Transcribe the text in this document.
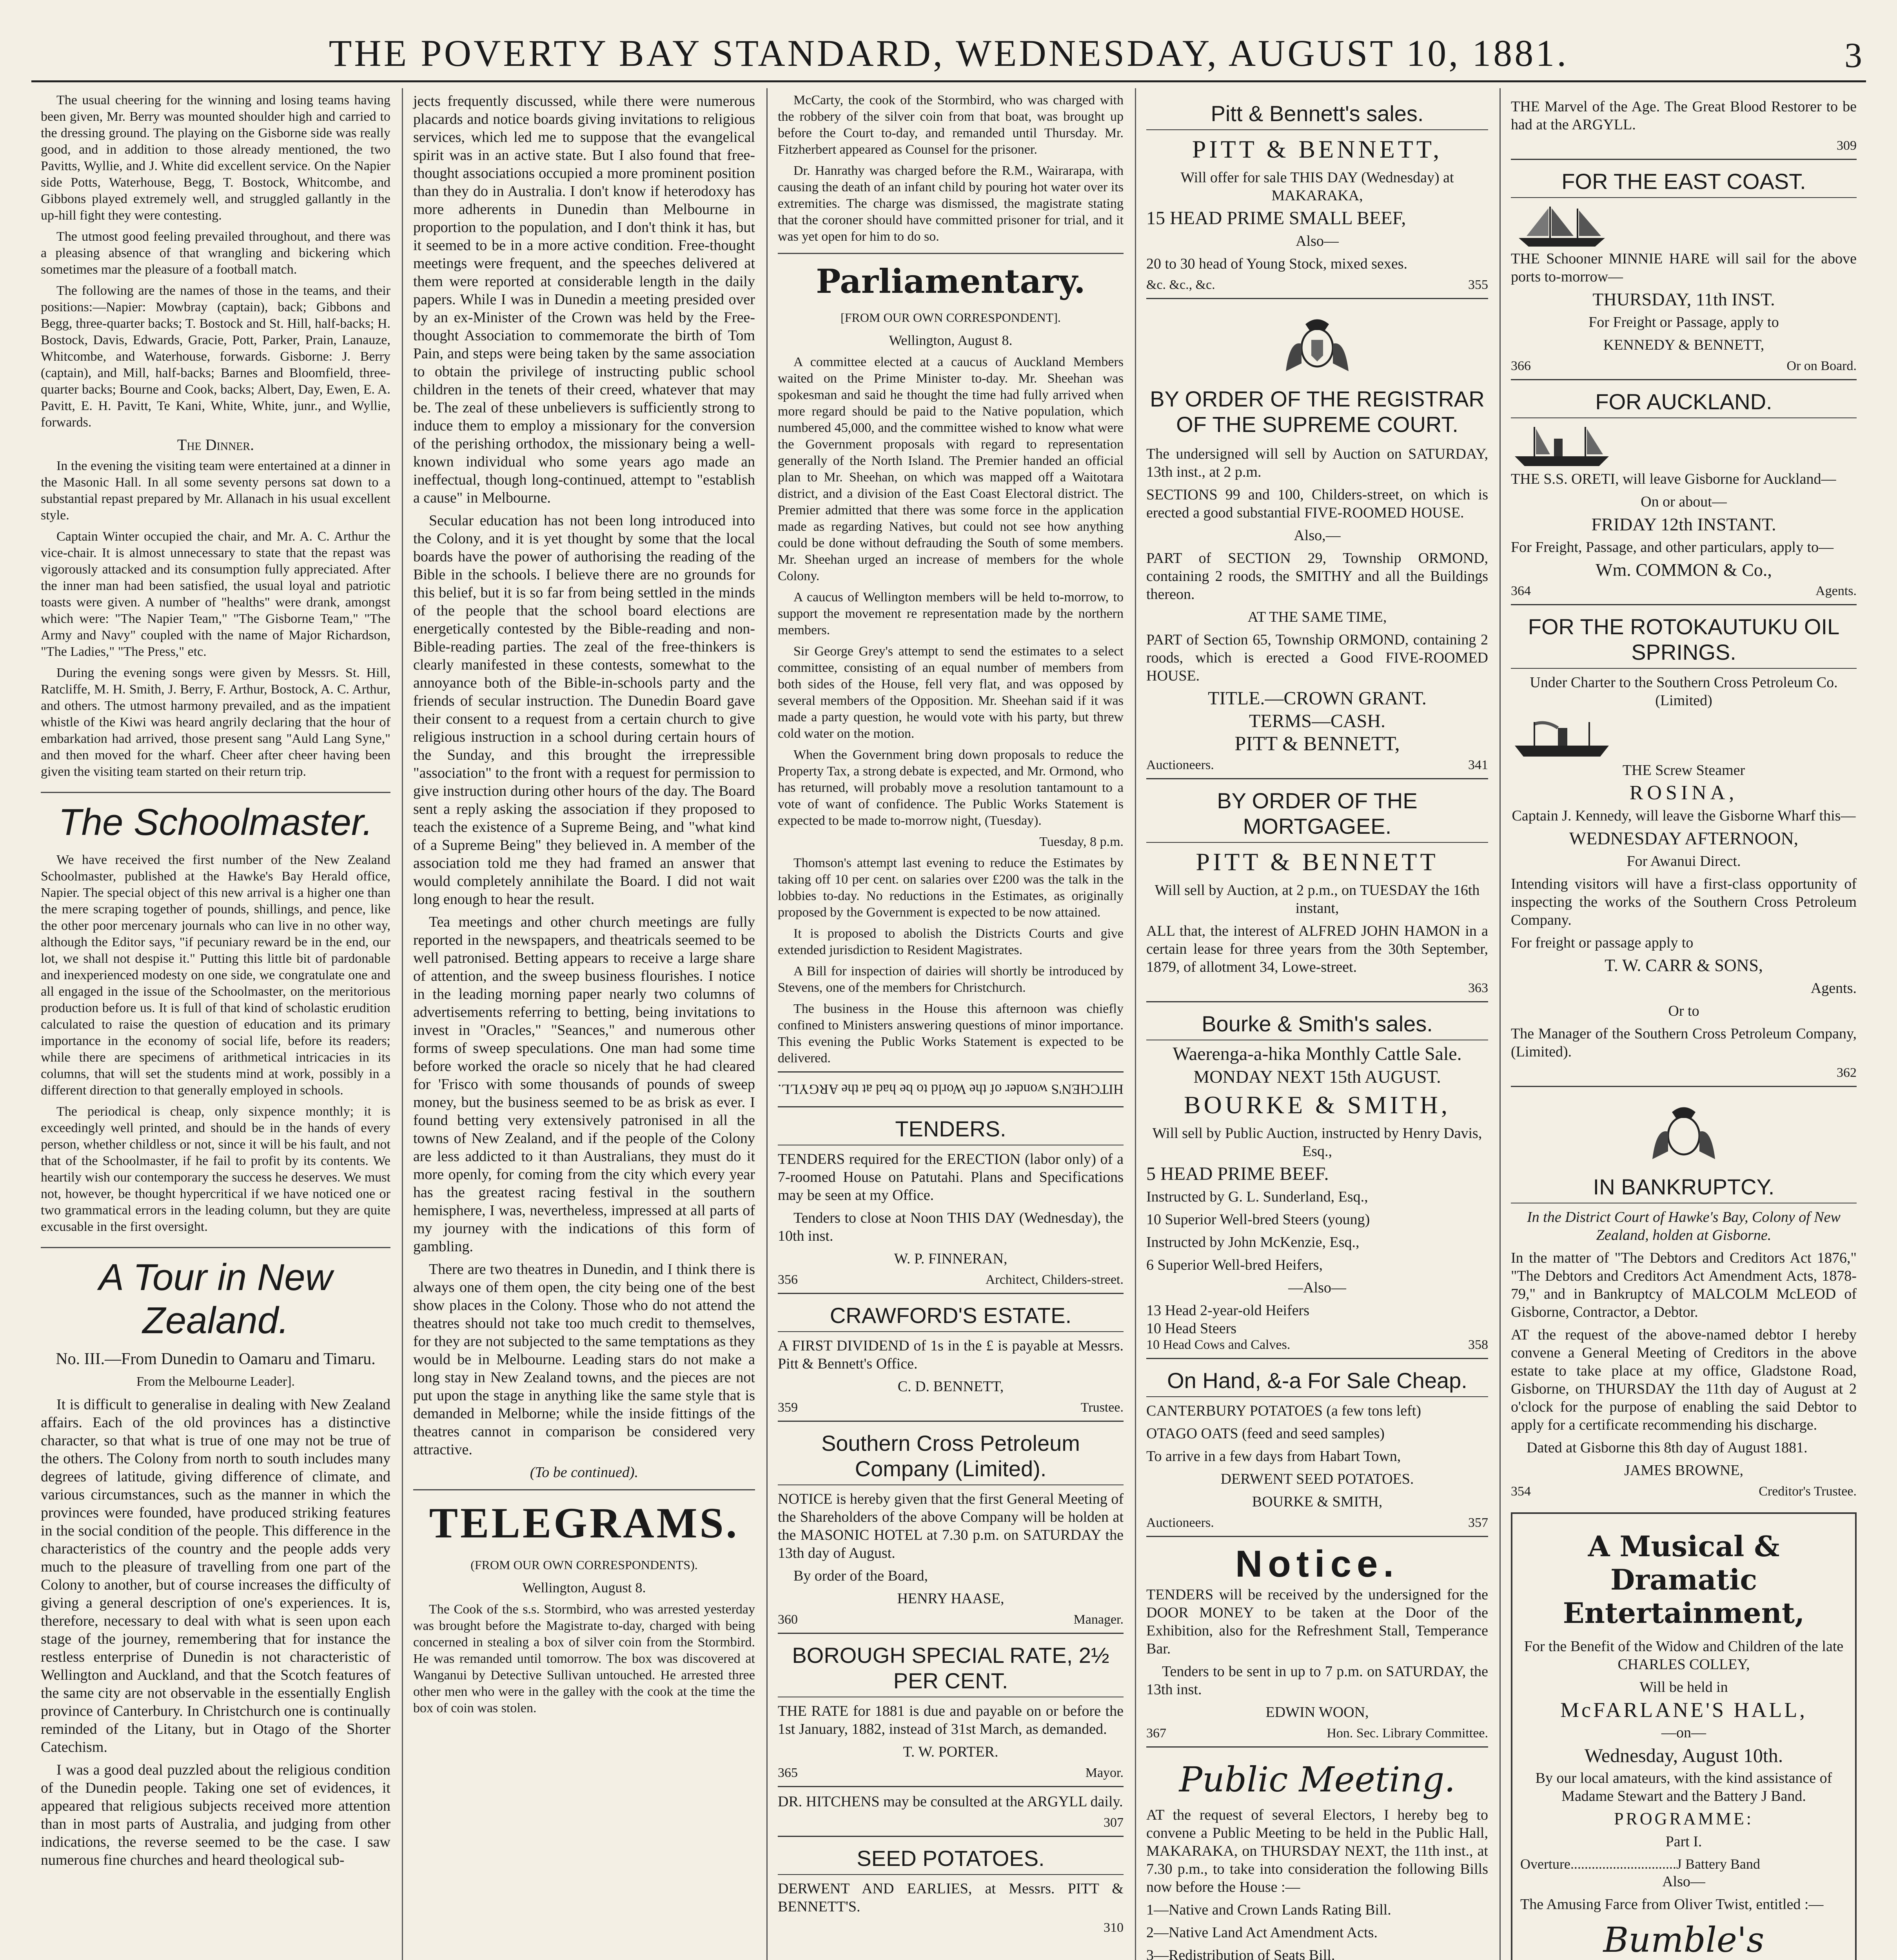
THE POVERTY BAY STANDARD, WEDNESDAY, AUGUST 10, 1881.	3

The usual cheering for the winning and losing teams having been given, Mr. Berry was mounted shoulder high and carried to the dressing ground. The playing on the Gisborne side was really good, and in addition to those already mentioned, the two Pavitts, Wyllie, and J. White did excellent service. On the Napier side Potts, Waterhouse, Begg, T. Bostock, Whitcombe, and Gibbons played extremely well, and struggled gallantly in the up-hill fight they were contesting.

The utmost good feeling prevailed throughout, and there was a pleasing absence of that wrangling and bickering which sometimes mar the pleasure of a football match.

The following are the names of those in the teams, and their positions:—Napier: Mowbray (captain), back; Gibbons and Begg, three-quarter backs; T. Bostock and St. Hill, half-backs; H. Bostock, Davis, Edwards, Gracie, Pott, Parker, Prain, Lanauze, Whitcombe, and Waterhouse, forwards. Gisborne: J. Berry (captain), and Mill, half-backs; Barnes and Bloomfield, three-quarter backs; Bourne and Cook, backs; Albert, Day, Ewen, E. A. Pavitt, E. H. Pavitt, Te Kani, White, White, junr., and Wyllie, forwards.

The Dinner.

In the evening the visiting team were entertained at a dinner in the Masonic Hall. In all some seventy persons sat down to a substantial repast prepared by Mr. Allanach in his usual excellent style.

Captain Winter occupied the chair, and Mr. A. C. Arthur the vice-chair. It is almost unnecessary to state that the repast was vigorously attacked and its consumption fully appreciated. After the inner man had been satisfied, the usual loyal and patriotic toasts were given. A number of "healths" were drank, amongst which were: "The Napier Team," "The Gisborne Team," "The Army and Navy" coupled with the name of Major Richardson, "The Ladies," "The Press," etc.

During the evening songs were given by Messrs. St. Hill, Ratcliffe, M. H. Smith, J. Berry, F. Arthur, Bostock, A. C. Arthur, and others. The utmost harmony prevailed, and as the impatient whistle of the Kiwi was heard angrily declaring that the hour of embarkation had arrived, those present sang "Auld Lang Syne," and then moved for the wharf. Cheer after cheer having been given the visiting team started on their return trip.

The Schoolmaster.

We have received the first number of the New Zealand Schoolmaster, published at the Hawke's Bay Herald office, Napier. The special object of this new arrival is a higher one than the mere scraping together of pounds, shillings, and pence, like the other poor mercenary journals who can live in no other way, although the Editor says, "if pecuniary reward be in the end, our lot, we shall not despise it." Putting this little bit of pardonable and inexperienced modesty on one side, we congratulate one and all engaged in the issue of the Schoolmaster, on the meritorious production before us. It is full of that kind of scholastic erudition calculated to raise the question of education and its primary importance in the economy of social life, before its readers; while there are specimens of arithmetical intricacies in its columns, that will set the students mind at work, possibly in a different direction to that generally employed in schools.

The periodical is cheap, only sixpence monthly; it is exceedingly well printed, and should be in the hands of every person, whether childless or not, since it will be his fault, and not that of the Schoolmaster, if he fail to profit by its contents. We heartily wish our contemporary the success he deserves. We must not, however, be thought hypercritical if we have noticed one or two grammatical errors in the leading column, but they are quite excusable in the first oversight.

A Tour in New Zealand.

No. III.—From Dunedin to Oamaru and Timaru.

From the Melbourne Leader].

It is difficult to generalise in dealing with New Zealand affairs. Each of the old provinces has a distinctive character, so that what is true of one may not be true of the others. The Colony from north to south includes many degrees of latitude, giving difference of climate, and various circumstances, such as the manner in which the provinces were founded, have produced striking features in the social condition of the people. This difference in the characteristics of the country and the people adds very much to the pleasure of travelling from one part of the Colony to another, but of course increases the difficulty of giving a general description of one's experiences. It is, therefore, necessary to deal with what is seen upon each stage of the journey, remembering that for instance the restless enterprise of Dunedin is not characteristic of Wellington and Auckland, and that the Scotch features of the same city are not observable in the essentially English province of Canterbury. In Christchurch one is continually reminded of the Litany, but in Otago of the Shorter Catechism.

I was a good deal puzzled about the religious condition of the Dunedin people. Taking one set of evidences, it appeared that religious subjects received more attention than in most parts of Australia, and judging from other indications, the reverse seemed to be the case. I saw numerous fine churches and heard theological sub-

jects frequently discussed, while there were numerous placards and notice boards giving invitations to religious services, which led me to suppose that the evangelical spirit was in an active state. But I also found that free-thought associations occupied a more prominent position than they do in Australia. I don't know if heterodoxy has more adherents in Dunedin than Melbourne in proportion to the population, and I don't think it has, but it seemed to be in a more active condition. Free-thought meetings were frequent, and the speeches delivered at them were reported at considerable length in the daily papers. While I was in Dunedin a meeting presided over by an ex-Minister of the Crown was held by the Free-thought Association to commemorate the birth of Tom Pain, and steps were being taken by the same association to obtain the privilege of instructing public school children in the tenets of their creed, whatever that may be. The zeal of these unbelievers is sufficiently strong to induce them to employ a missionary for the conversion of the perishing orthodox, the missionary being a well-known individual who some years ago made an ineffectual, though long-continued, attempt to "establish a cause" in Melbourne.

Secular education has not been long introduced into the Colony, and it is yet thought by some that the local boards have the power of authorising the reading of the Bible in the schools. I believe there are no grounds for this belief, but it is so far from being settled in the minds of the people that the school board elections are energetically contested by the Bible-reading and non-Bible-reading parties. The zeal of the free-thinkers is clearly manifested in these contests, somewhat to the annoyance both of the Bible-in-schools party and the friends of secular instruction. The Dunedin Board gave their consent to a request from a certain church to give religious instruction in a school during certain hours of the Sunday, and this brought the irrepressible "association" to the front with a request for permission to give instruction during other hours of the day. The Board sent a reply asking the association if they proposed to teach the existence of a Supreme Being, and "what kind of a Supreme Being" they believed in. A member of the association told me they had framed an answer that would completely annihilate the Board. I did not wait long enough to hear the result.

Tea meetings and other church meetings are fully reported in the newspapers, and theatricals seemed to be well patronised. Betting appears to receive a large share of attention, and the sweep business flourishes. I notice in the leading morning paper nearly two columns of advertisements referring to betting, being invitations to invest in "Oracles," "Seances," and numerous other forms of sweep speculations. One man had some time before worked the oracle so nicely that he had cleared for 'Frisco with some thousands of pounds of sweep money, but the business seemed to be as brisk as ever. I found betting very extensively patronised in all the towns of New Zealand, and if the people of the Colony are less addicted to it than Australians, they must do it more openly, for coming from the city which every year has the greatest racing festival in the southern hemisphere, I was, nevertheless, impressed at all parts of my journey with the indications of this form of gambling.

There are two theatres in Dunedin, and I think there is always one of them open, the city being one of the best show places in the Colony. Those who do not attend the theatres should not take too much credit to themselves, for they are not subjected to the same temptations as they would be in Melbourne. Leading stars do not make a long stay in New Zealand towns, and the pieces are not put upon the stage in anything like the same style that is demanded in Melborne; while the inside fittings of the theatres cannot in comparison be considered very attractive.

(To be continued).

TELEGRAMS.

(FROM OUR OWN CORRESPONDENTS).

Wellington, August 8.

The Cook of the s.s. Stormbird, who was arrested yesterday was brought before the Magistrate to-day, charged with being concerned in stealing a box of silver coin from the Stormbird. He was remanded until tomorrow. The box was discovered at Wanganui by Detective Sullivan untouched. He arrested three other men who were in the galley with the cook at the time the box of coin was stolen.

McCarty, the cook of the Stormbird, who was charged with the robbery of the silver coin from that boat, was brought up before the Court to-day, and remanded until Thursday. Mr. Fitzherbert appeared as Counsel for the prisoner.

Dr. Hanrathy was charged before the R.M., Wairarapa, with causing the death of an infant child by pouring hot water over its extremities. The charge was dismissed, the magistrate stating that the coroner should have committed prisoner for trial, and it was yet open for him to do so.

Parliamentary.

[FROM OUR OWN CORRESPONDENT].

Wellington, August 8.

A committee elected at a caucus of Auckland Members waited on the Prime Minister to-day. Mr. Sheehan was spokesman and said he thought the time had fully arrived when more regard should be paid to the Native population, which numbered 45,000, and the committee wished to know what were the Government proposals with regard to representation generally of the North Island. The Premier handed an official plan to Mr. Sheehan, on which was mapped off a Waitotara district, and a division of the East Coast Electoral district. The Premier admitted that there was some force in the application made as regarding Natives, but could not see how anything could be done without defrauding the South of some members. Mr. Sheehan urged an increase of members for the whole Colony.

A caucus of Wellington members will be held to-morrow, to support the movement re representation made by the northern members.

Sir George Grey's attempt to send the estimates to a select committee, consisting of an equal number of members from both sides of the House, fell very flat, and was opposed by several members of the Opposition. Mr. Sheehan said if it was made a party question, he would vote with his party, but threw cold water on the motion.

When the Government bring down proposals to reduce the Property Tax, a strong debate is expected, and Mr. Ormond, who has returned, will probably move a resolution tantamount to a vote of want of confidence. The Public Works Statement is expected to be made to-morrow night, (Tuesday).

Tuesday, 8 p.m.

Thomson's attempt last evening to reduce the Estimates by taking off 10 per cent. on salaries over £200 was the talk in the lobbies to-day. No reductions in the Estimates, as originally proposed by the Government is expected to be now attained.

It is proposed to abolish the Districts Courts and give extended jurisdiction to Resident Magistrates.

A Bill for inspection of dairies will shortly be introduced by Stevens, one of the members for Christchurch.

The business in the House this afternoon was chiefly confined to Ministers answering questions of minor importance. This evening the Public Works Statement is expected to be delivered.

HITCHEN'S wonder of the World to be had at the ARGYLL.
TENDERS.

TENDERS required for the ERECTION (labor only) of a 7-roomed House on Patutahi. Plans and Specifications may be seen at my Office.

Tenders to close at Noon THIS DAY (Wednesday), the 10th inst.

W. P. FINNERAN,

356	Architect, Childers-street.
CRAWFORD'S ESTATE.

A FIRST DIVIDEND of 1s in the £ is payable at Messrs. Pitt & Bennett's Office.

C. D. BENNETT,

359	Trustee.
Southern Cross Petroleum Company (Limited).

NOTICE is hereby given that the first General Meeting of the Shareholders of the above Company will be holden at the MASONIC HOTEL at 7.30 p.m. on SATURDAY the 13th day of August.

By order of the Board,

HENRY HAASE,

360	Manager.
BOROUGH SPECIAL RATE, 2½ PER CENT.

THE RATE for 1881 is due and payable on or before the 1st January, 1882, instead of 31st March, as demanded.

T. W. PORTER.

365	Mayor.

DR. HITCHENS may be consulted at the ARGYLL daily.

307
SEED POTATOES.

DERWENT AND EARLIES, at Messrs. PITT & BENNETT'S.

310
Pitt & Bennett's sales.
PITT & BENNETT,

Will offer for sale THIS DAY (Wednesday) at MAKARAKA,

15 HEAD PRIME SMALL BEEF,

Also—

20 to 30 head of Young Stock, mixed sexes.

&c. &c., &c.	355
BY ORDER OF THE REGISTRAR OF THE SUPREME COURT.

The undersigned will sell by Auction on SATURDAY, 13th inst., at 2 p.m.

SECTIONS 99 and 100, Childers-street, on which is erected a good substantial FIVE-ROOMED HOUSE.

Also,—

PART of SECTION 29, Township ORMOND, containing 2 roods, the SMITHY and all the Buildings thereon.

AT THE SAME TIME,

PART of Section 65, Township ORMOND, containing 2 roods, which is erected a Good FIVE-ROOMED HOUSE.

TITLE.—CROWN GRANT.

TERMS—CASH.

PITT & BENNETT,

Auctioneers.	341
BY ORDER OF THE MORTGAGEE.
PITT & BENNETT

Will sell by Auction, at 2 p.m., on TUESDAY the 16th instant,

ALL that, the interest of ALFRED JOHN HAMON in a certain lease for three years from the 30th September, 1879, of allotment 34, Lowe-street.

363
Bourke & Smith's sales.

Waerenga-a-hika Monthly Cattle Sale.

MONDAY NEXT 15th AUGUST.

BOURKE & SMITH,

Will sell by Public Auction, instructed by Henry Davis, Esq.,

5 HEAD PRIME BEEF.

Instructed by G. L. Sunderland, Esq.,

10 Superior Well-bred Steers (young)

Instructed by John McKenzie, Esq.,

6 Superior Well-bred Heifers,

—Also—

13 Head 2-year-old Heifers
10 Head Steers
10 Head Cows and Calves.	358
On Hand, &-a For Sale Cheap.

CANTERBURY POTATOES (a few tons left)

OTAGO OATS (feed and seed samples)

To arrive in a few days from Habart Town,

DERWENT SEED POTATOES.

BOURKE & SMITH,

Auctioneers.	357
Notice.

TENDERS will be received by the undersigned for the DOOR MONEY to be taken at the Door of the Exhibition, also for the Refreshment Stall, Temperance Bar.

Tenders to be sent in up to 7 p.m. on SATURDAY, the 13th inst.

EDWIN WOON,

367	Hon. Sec. Library Committee.
Public Meeting.

AT the request of several Electors, I hereby beg to convene a Public Meeting to be held in the Public Hall, MAKARAKA, on THURSDAY NEXT, the 11th inst., at 7.30 p.m., to take into consideration the following Bills now before the House :—

1—Native and Crown Lands Rating Bill.

2—Native Land Act Amendment Acts.

3—Redistribution of Seats Bill.

THE Marvel of the Age. The Great Blood Restorer to be had at the ARGYLL.

309
FOR THE EAST COAST.

THE Schooner MINNIE HARE will sail for the above ports to-morrow—

THURSDAY, 11th INST.

For Freight or Passage, apply to

KENNEDY & BENNETT,

366	Or on Board.
FOR AUCKLAND.

THE S.S. ORETI, will leave Gisborne for Auckland—

On or about—

FRIDAY 12th INSTANT.

For Freight, Passage, and other particulars, apply to—

Wm. COMMON & Co.,

364	Agents.
FOR THE ROTOKAUTUKU OIL SPRINGS.

Under Charter to the Southern Cross Petroleum Co. (Limited)

THE Screw Steamer

ROSINA,

Captain J. Kennedy, will leave the Gisborne Wharf this—

WEDNESDAY AFTERNOON,

For Awanui Direct.

Intending visitors will have a first-class opportunity of inspecting the works of the Southern Cross Petroleum Company.

For freight or passage apply to

T. W. CARR & SONS,

Agents.

Or to

The Manager of the Southern Cross Petroleum Company, (Limited).

362
IN BANKRUPTCY.

In the District Court of Hawke's Bay, Colony of New Zealand, holden at Gisborne.

In the matter of "The Debtors and Creditors Act 1876," "The Debtors and Creditors Act Amendment Acts, 1878-79," and in Bankruptcy of MALCOLM McLEOD of Gisborne, Contractor, a Debtor.

AT the request of the above-named debtor I hereby convene a General Meeting of Creditors in the above estate to take place at my office, Gladstone Road, Gisborne, on THURSDAY the 11th day of August at 2 o'clock for the purpose of enabling the said Debtor to apply for a certificate recommending his discharge.

Dated at Gisborne this 8th day of August 1881.

JAMES BROWNE,

354	Creditor's Trustee.
A Musical & Dramatic Entertainment,

For the Benefit of the Widow and Children of the late CHARLES COLLEY,

Will be held in

McFARLANE'S HALL,

—on—

Wednesday, August 10th.

By our local amateurs, with the kind assistance of Madame Stewart and the Battery J Band.

PROGRAMME:

Part I.

Overture..............................J Battery Band

Also—

The Amusing Farce from Oliver Twist, entitled :—

Bumble's
